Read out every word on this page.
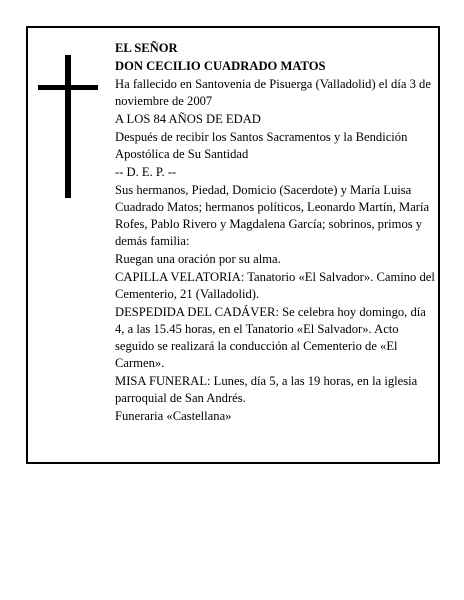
EL SEÑOR

DON CECILIO CUADRADO MATOS

Ha fallecido en Santovenia de Pisuerga (Valladolid) el día 3 de noviembre de 2007

A LOS 84 AÑOS DE EDAD

Después de recibir los Santos Sacramentos y la Bendición Apostólica de Su Santidad

-- D. E. P. --

Sus hermanos, Piedad, Domicio (Sacerdote) y María Luisa Cuadrado Matos; hermanos políticos, Leonardo Martín, María Rofes, Pablo Rivero y Magdalena García; sobrinos, primos y demás familia:

Ruegan una oración por su alma.

CAPILLA VELATORIA: Tanatorio «El Salvador». Camino del Cementerio, 21 (Valladolid).

DESPEDIDA DEL CADÁVER: Se celebra hoy domingo, día 4, a las 15.45 horas, en el Tanatorio «El Salvador». Acto seguido se realizará la conducción al Cementerio de «El Carmen».

MISA FUNERAL: Lunes, día 5, a las 19 horas, en la iglesia parroquial de San Andrés.

Funeraria «Castellana»
